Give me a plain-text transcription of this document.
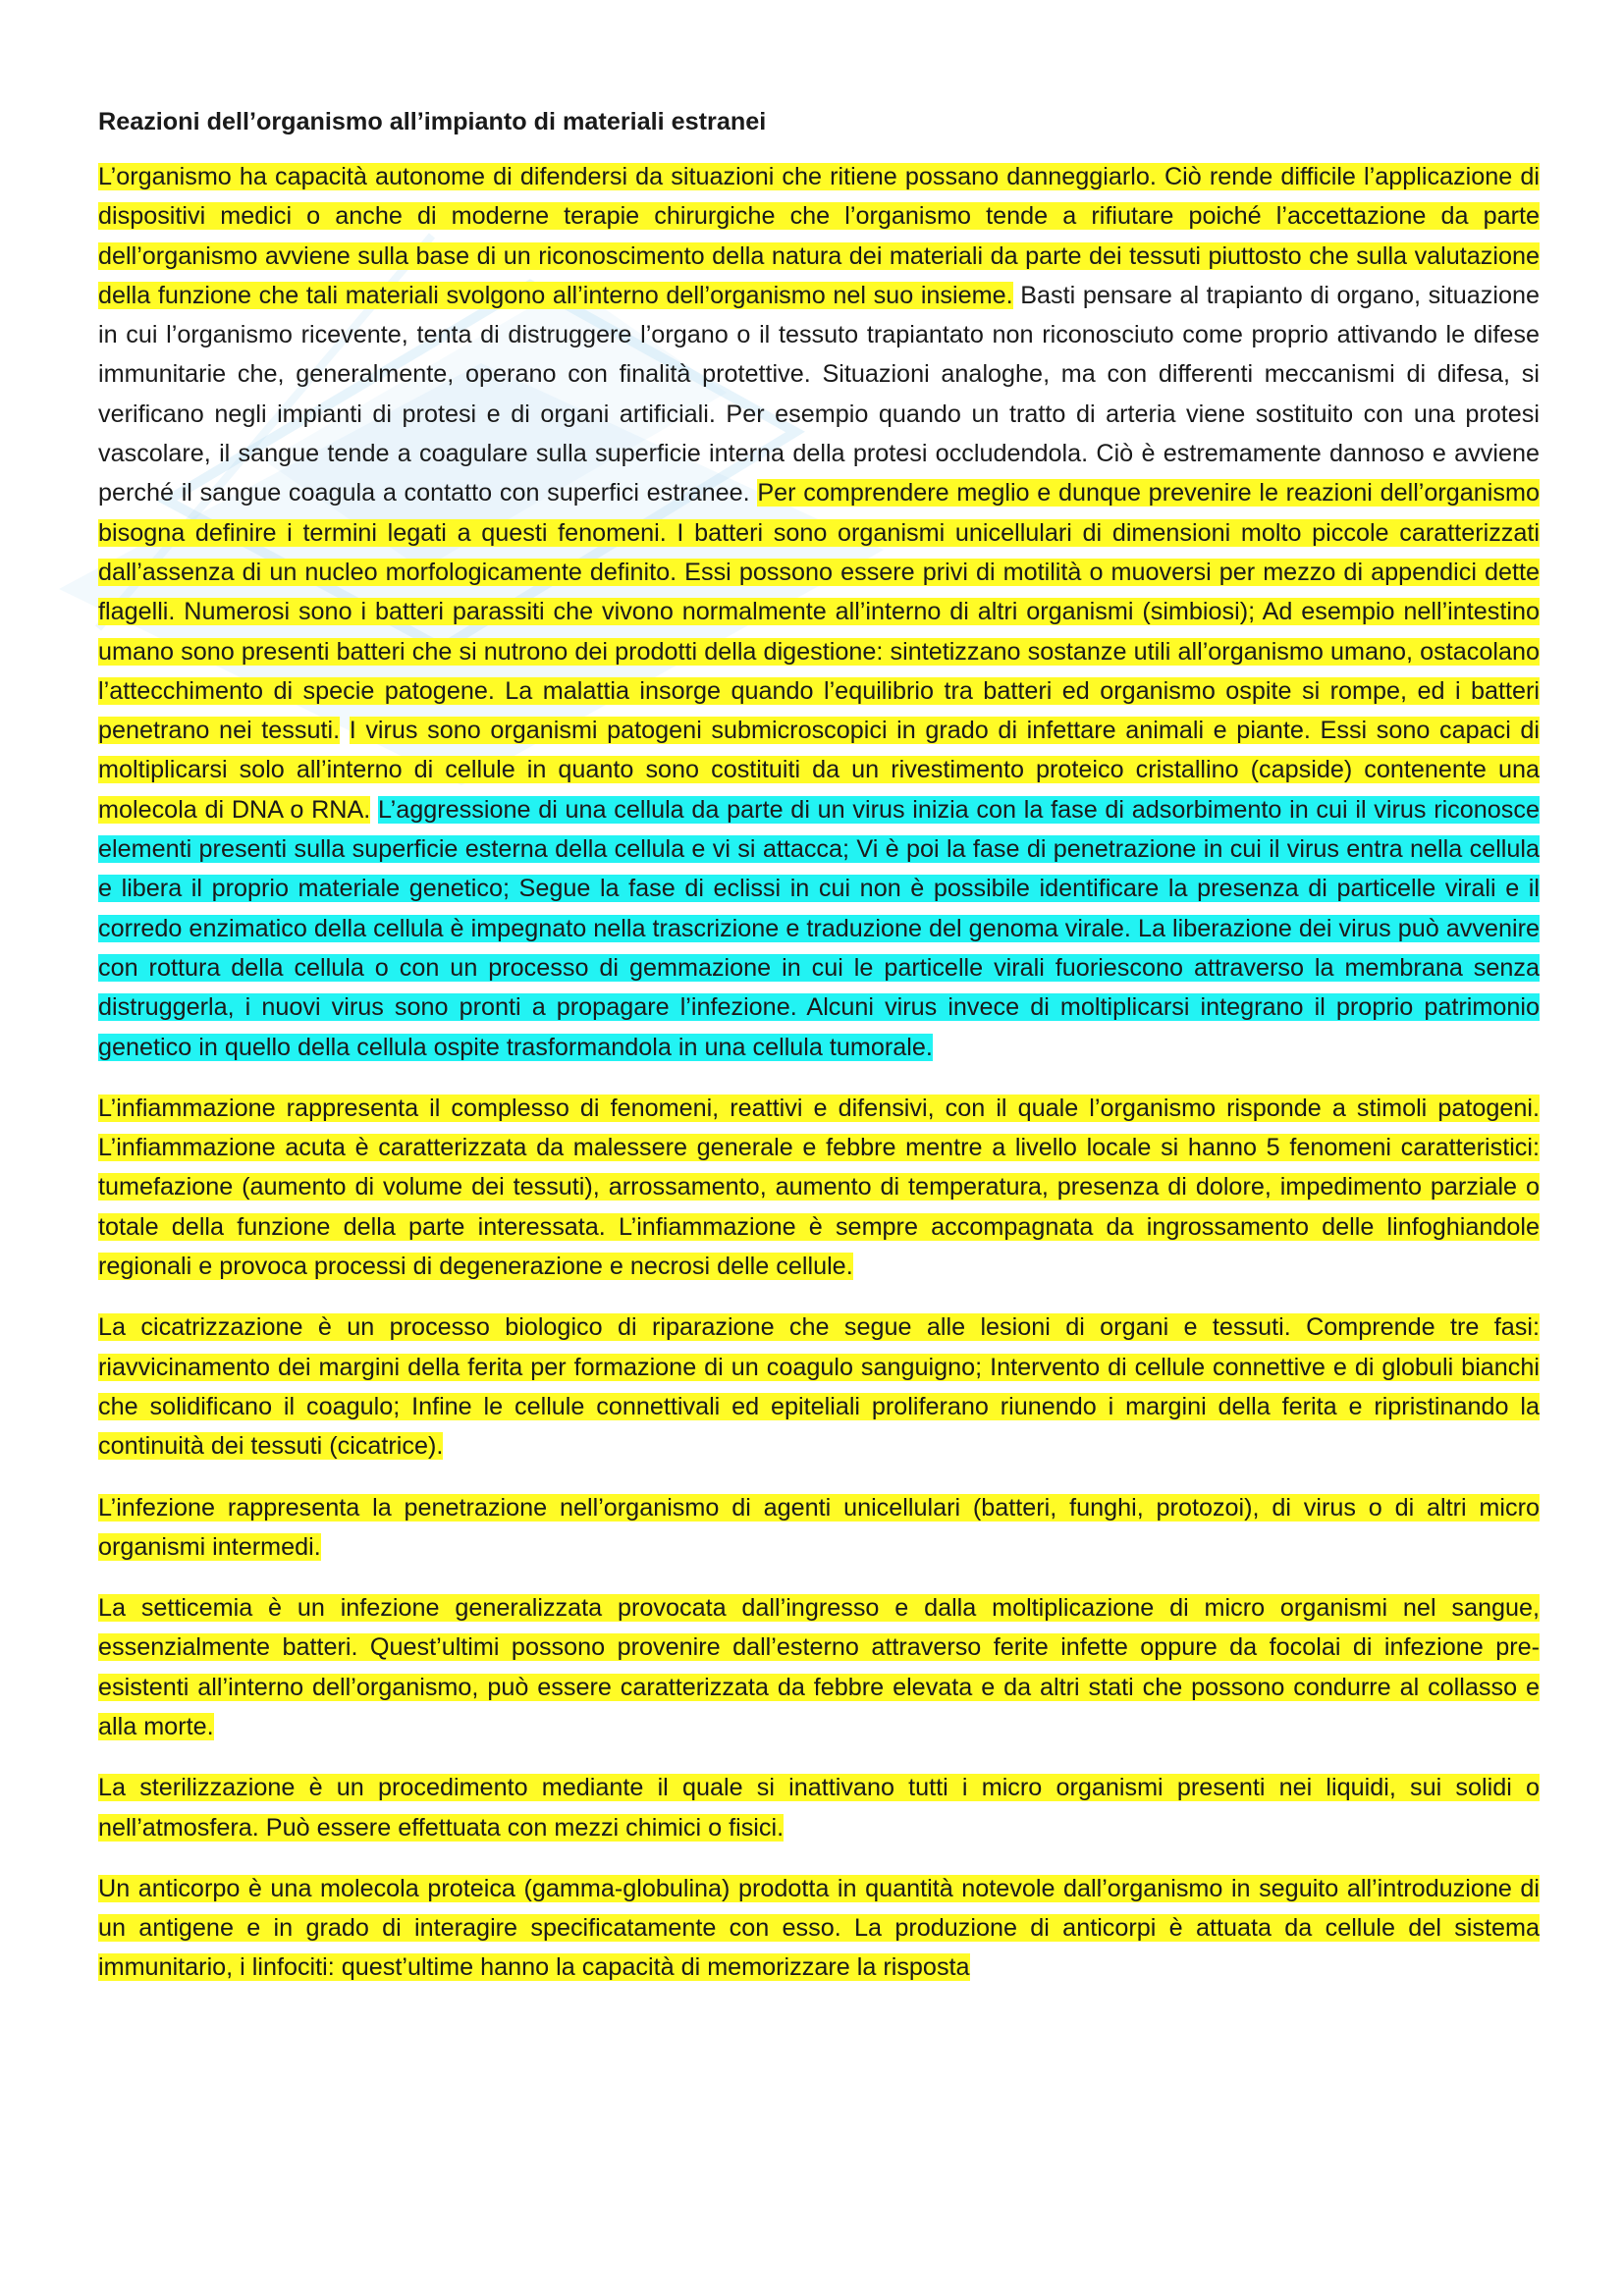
Reazioni dell’organismo all’impianto di materiali estranei

L’organismo ha capacità autonome di difendersi da situazioni che ritiene possano danneggiarlo. Ciò rende difficile l’applicazione di dispositivi medici o anche di moderne terapie chirurgiche che l’organismo tende a rifiutare poiché l’accettazione da parte dell’organismo avviene sulla base di un riconoscimento della natura dei materiali da parte dei tessuti piuttosto che sulla valutazione della funzione che tali materiali svolgono all’interno dell’organismo nel suo insieme. Basti pensare al trapianto di organo, situazione in cui l’organismo ricevente, tenta di distruggere l’organo o il tessuto trapiantato non riconosciuto come proprio attivando le difese immunitarie che, generalmente, operano con finalità protettive. Situazioni analoghe, ma con differenti meccanismi di difesa, si verificano negli impianti di protesi e di organi artificiali. Per esempio quando un tratto di arteria viene sostituito con una protesi vascolare, il sangue tende a coagulare sulla superficie interna della protesi occludendola. Ciò è estremamente dannoso e avviene perché il sangue coagula a contatto con superfici estranee. Per comprendere meglio e dunque prevenire le reazioni dell’organismo bisogna definire i termini legati a questi fenomeni. I batteri sono organismi unicellulari di dimensioni molto piccole caratterizzati dall’assenza di un nucleo morfologicamente definito. Essi possono essere privi di motilità o muoversi per mezzo di appendici dette flagelli. Numerosi sono i batteri parassiti che vivono normalmente all’interno di altri organismi (simbiosi); Ad esempio nell’intestino umano sono presenti batteri che si nutrono dei prodotti della digestione: sintetizzano sostanze utili all’organismo umano, ostacolano l’attecchimento di specie patogene. La malattia insorge quando l’equilibrio tra batteri ed organismo ospite si rompe, ed i batteri penetrano nei tessuti. I virus sono organismi patogeni submicroscopici in grado di infettare animali e piante. Essi sono capaci di moltiplicarsi solo all’interno di cellule in quanto sono costituiti da un rivestimento proteico cristallino (capside) contenente una molecola di DNA o RNA. L’aggressione di una cellula da parte di un virus inizia con la fase di adsorbimento in cui il virus riconosce elementi presenti sulla superficie esterna della cellula e vi si attacca; Vi è poi la fase di penetrazione in cui il virus entra nella cellula e libera il proprio materiale genetico; Segue la fase di eclissi in cui non è possibile identificare la presenza di particelle virali e il corredo enzimatico della cellula è impegnato nella trascrizione e traduzione del genoma virale. La liberazione dei virus può avvenire con rottura della cellula o con un processo di gemmazione in cui le particelle virali fuoriescono attraverso la membrana senza distruggerla, i nuovi virus sono pronti a propagare l’infezione. Alcuni virus invece di moltiplicarsi integrano il proprio patrimonio genetico in quello della cellula ospite trasformandola in una cellula tumorale.

L’infiammazione rappresenta il complesso di fenomeni, reattivi e difensivi, con il quale l’organismo risponde a stimoli patogeni. L’infiammazione acuta è caratterizzata da malessere generale e febbre mentre a livello locale si hanno 5 fenomeni caratteristici: tumefazione (aumento di volume dei tessuti), arrossamento, aumento di temperatura, presenza di dolore, impedimento parziale o totale della funzione della parte interessata. L’infiammazione è sempre accompagnata da ingrossamento delle linfoghiandole regionali e provoca processi di degenerazione e necrosi delle cellule.

La cicatrizzazione è un processo biologico di riparazione che segue alle lesioni di organi e tessuti. Comprende tre fasi: riavvicinamento dei margini della ferita per formazione di un coagulo sanguigno; Intervento di cellule connettive e di globuli bianchi che solidificano il coagulo; Infine le cellule connettivali ed epiteliali proliferano riunendo i margini della ferita e ripristinando la continuità dei tessuti (cicatrice).

L’infezione rappresenta la penetrazione nell’organismo di agenti unicellulari (batteri, funghi, protozoi), di virus o di altri micro organismi intermedi.

La setticemia è un infezione generalizzata provocata dall’ingresso e dalla moltiplicazione di micro organismi nel sangue, essenzialmente batteri. Quest’ultimi possono provenire dall’esterno attraverso ferite infette oppure da focolai di infezione pre-esistenti all’interno dell’organismo, può essere caratterizzata da febbre elevata e da altri stati che possono condurre al collasso e alla morte.

La sterilizzazione è un procedimento mediante il quale si inattivano tutti i micro organismi presenti nei liquidi, sui solidi o nell’atmosfera. Può essere effettuata con mezzi chimici o fisici.

Un anticorpo è una molecola proteica (gamma-globulina) prodotta in quantità notevole dall’organismo in seguito all’introduzione di un antigene e in grado di interagire specificatamente con esso. La produzione di anticorpi è attuata da cellule del sistema immunitario, i linfociti: quest’ultime hanno la capacità di memorizzare la risposta
